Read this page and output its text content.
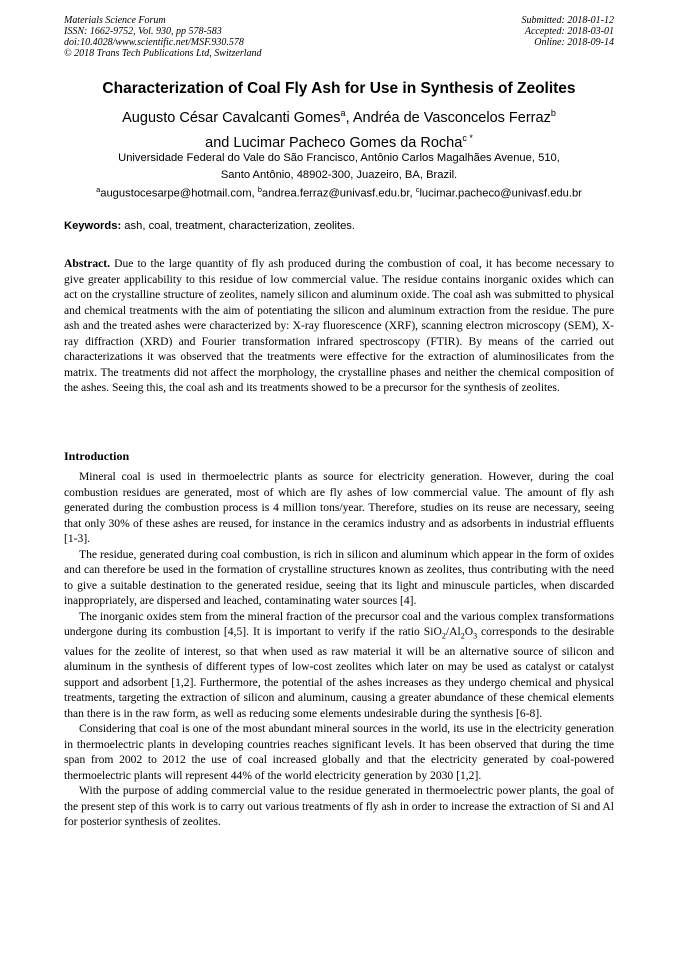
Materials Science Forum
ISSN: 1662-9752, Vol. 930, pp 578-583
doi:10.4028/www.scientific.net/MSF.930.578
© 2018 Trans Tech Publications Ltd, Switzerland
Submitted: 2018-01-12
Accepted: 2018-03-01
Online: 2018-09-14
Characterization of Coal Fly Ash for Use in Synthesis of Zeolites
Augusto César Cavalcanti Gomes$^a$, Andréa de Vasconcelos Ferraz$^b$
and Lucimar Pacheco Gomes da Rocha$^{c *}$
Universidade Federal do Vale do São Francisco, Antônio Carlos Magalhães Avenue, 510,
Santo Antônio, 48902-300, Juazeiro, BA, Brazil.
$^a$augustocesarpe@hotmail.com, $^b$andrea.ferraz@univasf.edu.br, $^c$lucimar.pacheco@univasf.edu.br
Keywords: ash, coal, treatment, characterization, zeolites.

Abstract. Due to the large quantity of fly ash produced during the combustion of coal, it has become necessary to give greater applicability to this residue of low commercial value. The residue contains inorganic oxides which can act on the crystalline structure of zeolites, namely silicon and aluminum oxide. The coal ash was submitted to physical and chemical treatments with the aim of potentiating the silicon and aluminum extraction from the residue. The pure ash and the treated ashes were characterized by: X-ray fluorescence (XRF), scanning electron microscopy (SEM), X-ray diffraction (XRD) and Fourier transformation infrared spectroscopy (FTIR). By means of the carried out characterizations it was observed that the treatments were effective for the extraction of aluminosilicates from the matrix. The treatments did not affect the morphology, the crystalline phases and neither the chemical composition of the ashes. Seeing this, the coal ash and its treatments showed to be a precursor for the synthesis of zeolites.

Introduction

Mineral coal is used in thermoelectric plants as source for electricity generation. However, during the coal combustion residues are generated, most of which are fly ashes of low commercial value. The amount of fly ash generated during the combustion process is 4 million tons/year. Therefore, studies on its reuse are necessary, seeing that only 30% of these ashes are reused, for instance in the ceramics industry and as adsorbents in industrial effluents [1-3].

The residue, generated during coal combustion, is rich in silicon and aluminum which appear in the form of oxides and can therefore be used in the formation of crystalline structures known as zeolites, thus contributing with the need to give a suitable destination to the generated residue, seeing that its light and minuscule particles, when discarded inappropriately, are dispersed and leached, contaminating water sources [4].

The inorganic oxides stem from the mineral fraction of the precursor coal and the various complex transformations undergone during its combustion [4,5]. It is important to verify if the ratio $SiO_2/Al_2O_3$ corresponds to the desirable values for the zeolite of interest, so that when used as raw material it will be an alternative source of silicon and aluminum in the synthesis of different types of low-cost zeolites which later on may be used as catalyst or catalyst support and adsorbent [1,2]. Furthermore, the potential of the ashes increases as they undergo chemical and physical treatments, targeting the extraction of silicon and aluminum, causing a greater abundance of these chemical elements than there is in the raw form, as well as reducing some elements undesirable during the synthesis [6-8].

Considering that coal is one of the most abundant mineral sources in the world, its use in the electricity generation in thermoelectric plants in developing countries reaches significant levels. It has been observed that during the time span from 2002 to 2012 the use of coal increased globally and that the electricity generated by coal-powered thermoelectric plants will represent 44% of the world electricity generation by 2030 [1,2].

With the purpose of adding commercial value to the residue generated in thermoelectric power plants, the goal of the present step of this work is to carry out various treatments of fly ash in order to increase the extraction of Si and Al for posterior synthesis of zeolites.
